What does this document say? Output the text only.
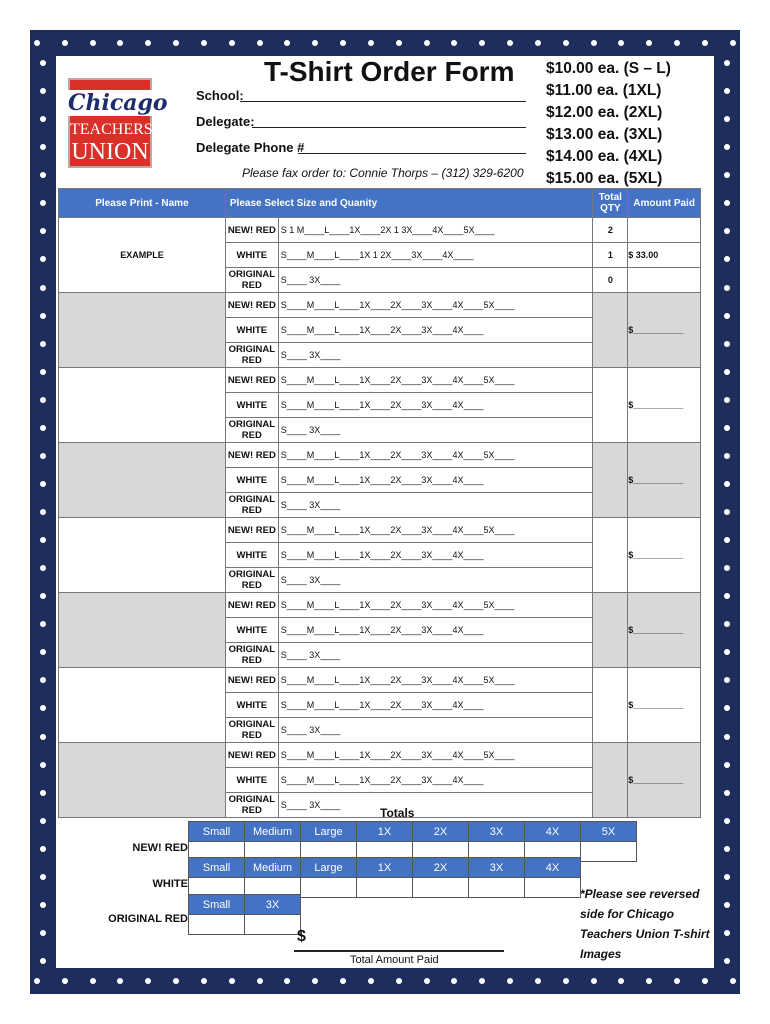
Chicago
TEACHERS
UNION
T-Shirt Order Form
School:
Delegate:
Delegate Phone #
Please fax order to: Connie Thorps – (312) 329-6200
$10.00 ea. (S – L)
$11.00 ea. (1XL)
$12.00 ea. (2XL)
$13.00 ea. (3XL)
$14.00 ea. (4XL)
$15.00 ea. (5XL)
Please Print - Name	Please Select Size and Quanity		Total QTY	Amount Paid
EXAMPLE	NEW! RED	S 1 M____L____1X____2X 1 3X____4X____5X____	2	
	WHITE	S____M____L____1X 1 2X____3X____4X____	1	$ 33.00
	ORIGINAL RED	S____ 3X____	0	
	NEW! RED	S____M____L____1X____2X____3X____4X____5X____		$__________
	WHITE	S____M____L____1X____2X____3X____4X____		
	ORIGINAL RED	S____ 3X____		
	NEW! RED	S____M____L____1X____2X____3X____4X____5X____		$__________
	WHITE	S____M____L____1X____2X____3X____4X____		
	ORIGINAL RED	S____ 3X____		
	NEW! RED	S____M____L____1X____2X____3X____4X____5X____		$__________
	WHITE	S____M____L____1X____2X____3X____4X____		
	ORIGINAL RED	S____ 3X____		
	NEW! RED	S____M____L____1X____2X____3X____4X____5X____		$__________
	WHITE	S____M____L____1X____2X____3X____4X____		
	ORIGINAL RED	S____ 3X____		
	NEW! RED	S____M____L____1X____2X____3X____4X____5X____		$__________
	WHITE	S____M____L____1X____2X____3X____4X____		
	ORIGINAL RED	S____ 3X____		
	NEW! RED	S____M____L____1X____2X____3X____4X____5X____		$__________
	WHITE	S____M____L____1X____2X____3X____4X____		
	ORIGINAL RED	S____ 3X____		
	NEW! RED	S____M____L____1X____2X____3X____4X____5X____		$__________
	WHITE	S____M____L____1X____2X____3X____4X____		
	ORIGINAL RED	S____ 3X____		
Totals
NEW! RED
Small	Medium	Large	1X	2X	3X	4X	5X

WHITE
Small	Medium	Large	1X	2X	3X	4X

ORIGINAL RED
Small	3X

$
Total Amount Paid
*Please see reversed side for Chicago Teachers Union T-shirt Images
